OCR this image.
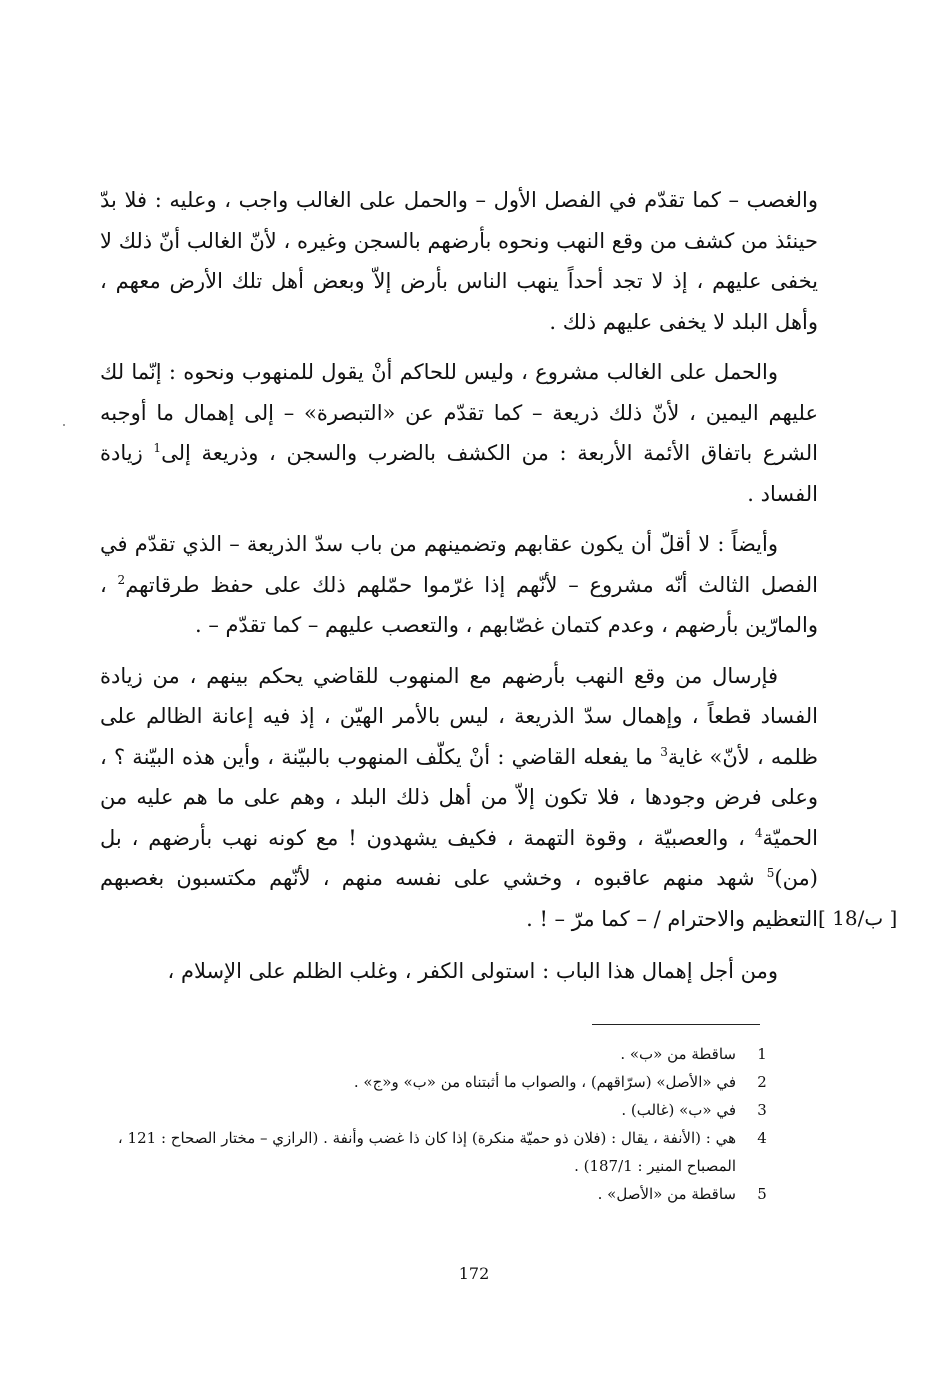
والغصب – كما تقدّم في الفصل الأول – والحمل على الغالب واجب ، وعليه : فلا بدّ حينئذ من كشف من وقع النهب ونحوه بأرضهم بالسجن وغيره ، لأنّ الغالب أنّ ذلك لا يخفى عليهم ، إذ لا تجد أحداً ينهب الناس بأرض إلاّ وبعض أهل تلك الأرض معهم ، وأهل البلد لا يخفى عليهم ذلك .

والحمل على الغالب مشروع ، وليس للحاكم أنْ يقول للمنهوب ونحوه : إنّما لك عليهم اليمين ، لأنّ ذلك ذريعة – كما تقدّم عن «التبصرة» – إلى إهمال ما أوجبه الشرع باتفاق الأئمة الأربعة : من الكشف بالضرب والسجن ، وذريعة إلى$^1$ زيادة الفساد .

وأيضاً : لا أقلّ أن يكون عقابهم وتضمينهم من باب سدّ الذريعة – الذي تقدّم في الفصل الثالث أنّه مشروع – لأنّهم إذا غرّموا حمّلهم ذلك على حفظ طرقاتهم$^2$ ، والمارّين بأرضهم ، وعدم كتمان غصّابهم ، والتعصب عليهم – كما تقدّم – .

فإرسال من وقع النهب بأرضهم مع المنهوب للقاضي يحكم بينهم ، من زيادة الفساد قطعاً ، وإهمال سدّ الذريعة ، ليس بالأمر الهيّن ، إذ فيه إعانة الظالم على ظلمه ، لأنّ» غاية$^3$ ما يفعله القاضي : أنْ يكلّف المنهوب بالبيّنة ، وأين هذه البيّنة ؟ ، وعلى فرض وجودها ، فلا تكون إلاّ من أهل ذلك البلد ، وهم على ما هم عليه من الحميّة$^4$ ، والعصبيّة ، وقوة التهمة ، فكيف يشهدون ! مع كونه نهب بأرضهم ، بل (من)$^5$ شهد منهم عاقبوه ، وخشي على نفسه منهم ، لأنّهم مكتسبون بغصبهم التعظيم والاحترام / – كما مرّ – ! .

ومن أجل إهمال هذا الباب : استولى الكفر ، وغلب الظلم على الإسلام ،

[ 18/ب ]

1
ساقطة من «ب» .

2
في «الأصل» (سرّاقهم) ، والصواب ما أثبتناه من «ب» و«ج» .

3
في «ب» (غالب) .

4
هي : (الأنفة ، يقال : (فلان ذو حميّة منكرة) إذا كان ذا غضب وأنفة . (الرازي – مختار الصحاح : 121 ، المصباح المنير : 187/1) .

5
ساقطة من «الأصل» .

172
